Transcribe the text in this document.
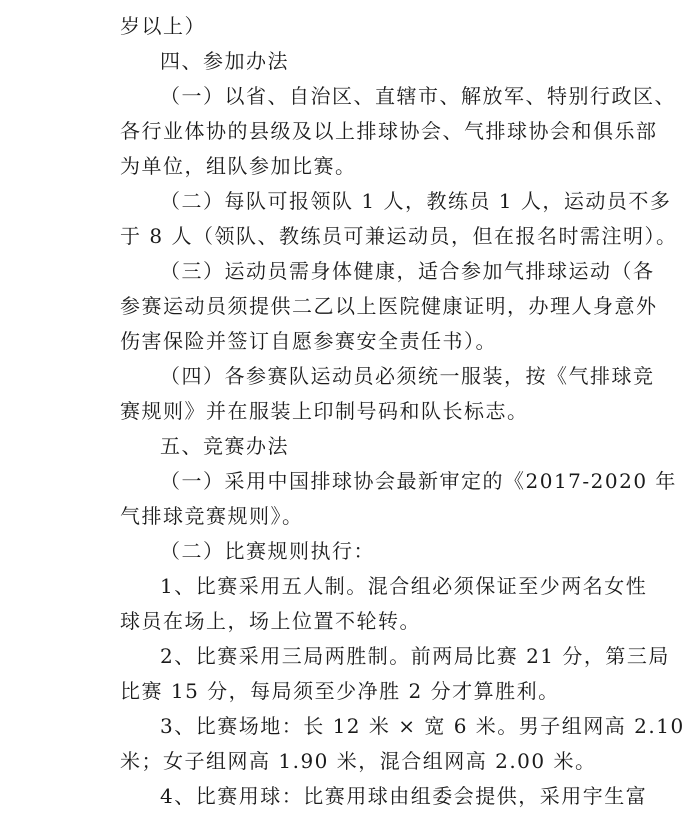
岁以上）
四、参加办法
（一）以省、自治区、直辖市、解放军、特别行政区、
各行业体协的县级及以上排球协会、气排球协会和俱乐部
为单位，组队参加比赛。
（二）每队可报领队 1 人，教练员 1 人，运动员不多
于 8 人（领队、教练员可兼运动员，但在报名时需注明）。
（三）运动员需身体健康，适合参加气排球运动（各
参赛运动员须提供二乙以上医院健康证明，办理人身意外
伤害保险并签订自愿参赛安全责任书）。
（四）各参赛队运动员必须统一服装，按《气排球竞
赛规则》并在服装上印制号码和队长标志。
五、竞赛办法
（一）采用中国排球协会最新审定的《2017-2020 年
气排球竞赛规则》。
（二）比赛规则执行：
1、比赛采用五人制。混合组必须保证至少两名女性
球员在场上，场上位置不轮转。
2、比赛采用三局两胜制。前两局比赛 21 分，第三局
比赛 15 分，每局须至少净胜 2 分才算胜利。
3、比赛场地：长 12 米 × 宽 6 米。男子组网高 2.10
米；女子组网高 1.90 米，混合组网高 2.00 米。
4、比赛用球：比赛用球由组委会提供，采用宇生富
